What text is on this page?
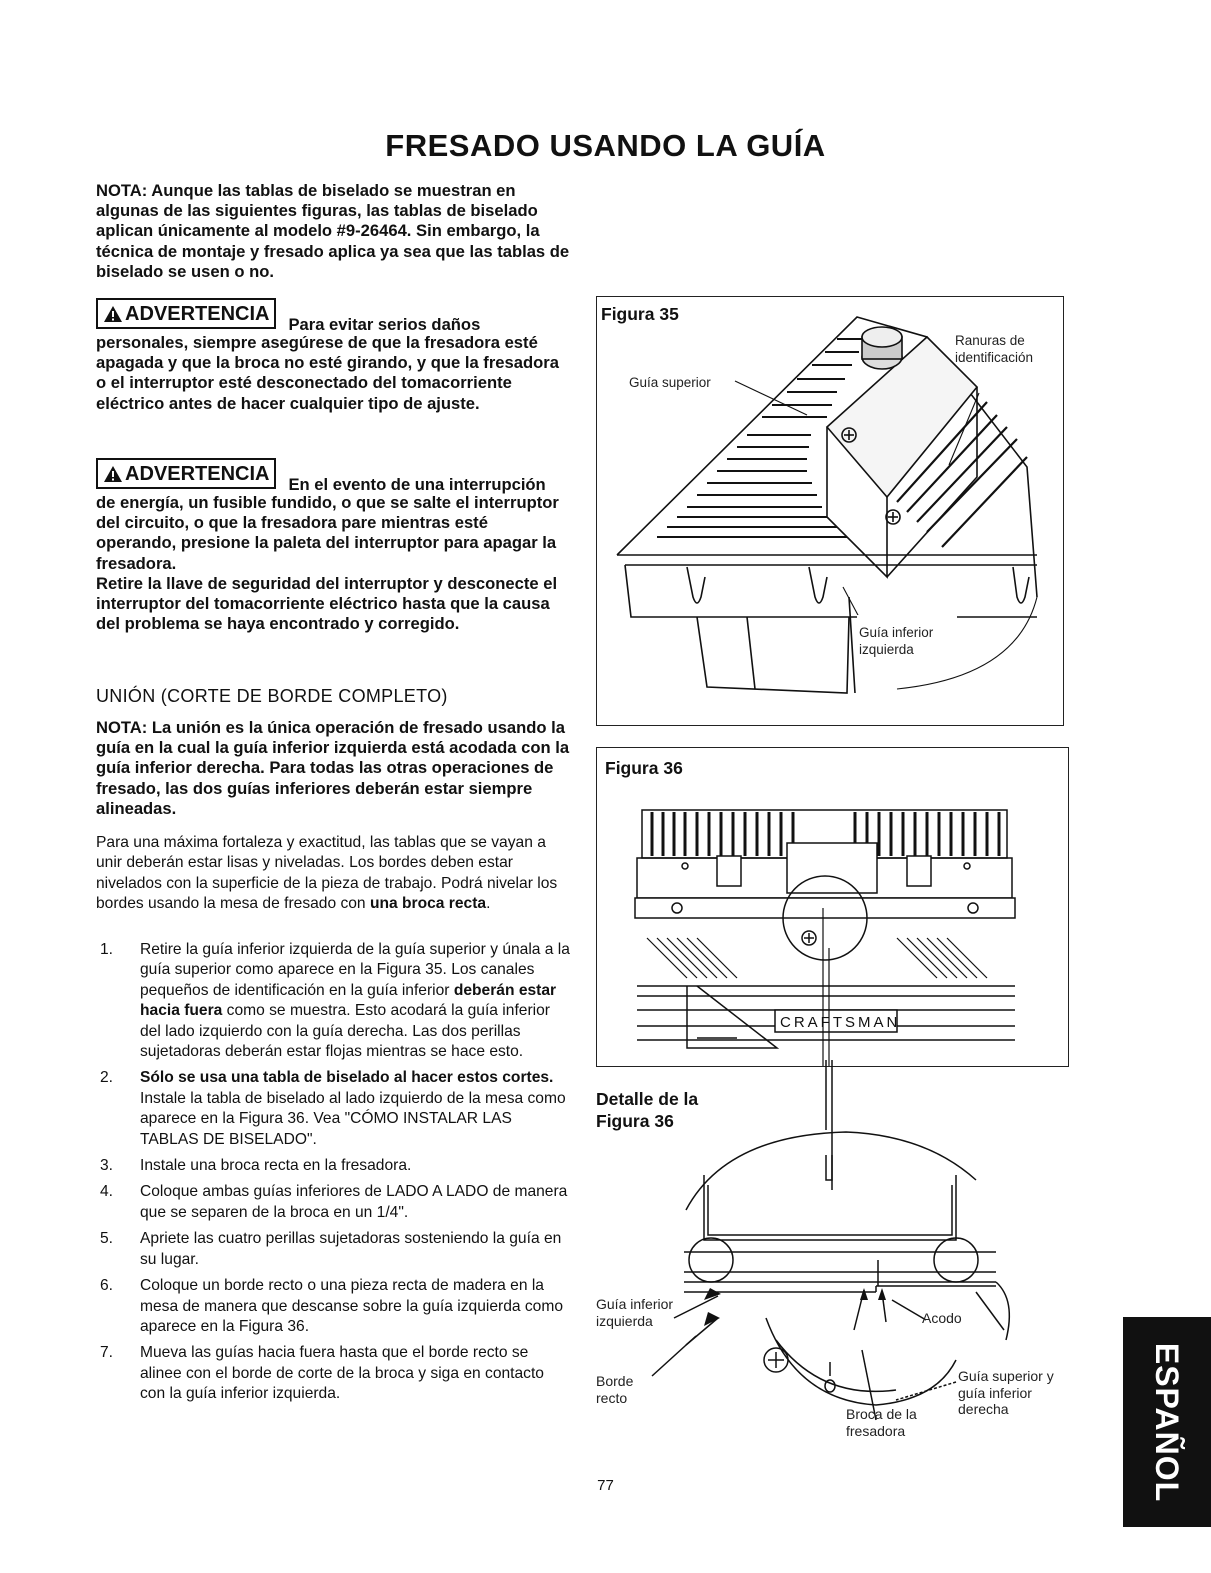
FRESADO USANDO LA GUÍA

NOTA: Aunque las tablas de biselado se muestran en algunas de las siguientes figuras, las tablas de biselado aplican únicamente al modelo #9-26464. Sin embargo, la técnica de montaje y fresado aplica ya sea que las tablas de biselado se usen o no.

ADVERTENCIA Para evitar serios daños

personales, siempre asegúrese de que la fresadora esté apagada y que la broca no esté girando, y que la fresadora o el interruptor esté desconectado del tomacorriente eléctrico antes de hacer cualquier tipo de ajuste.

ADVERTENCIA En el evento de una interrupción

de energía, un fusible fundido, o que se salte el interruptor del circuito, o que la fresadora pare mientras esté operando, presione la paleta del interruptor para apagar la fresadora.

Retire la llave de seguridad del interruptor y desconecte el interruptor del tomacorriente eléctrico hasta que la causa del problema se haya encontrado y corregido.

UNIÓN (CORTE DE BORDE COMPLETO)

NOTA: La unión es la única operación de fresado usando la guía en la cual la guía inferior izquierda está acodada con la guía inferior derecha. Para todas las otras operaciones de fresado, las dos guías inferiores deberán estar siempre alineadas.

Para una máxima fortaleza y exactitud, las tablas que se vayan a unir deberán estar lisas y niveladas. Los bordes deben estar nivelados con la superficie de la pieza de trabajo. Podrá nivelar los bordes usando la mesa de fresado con una broca recta.

1. Retire la guía inferior izquierda de la guía superior y únala a la guía superior como aparece en la Figura 35. Los canales pequeños de identificación en la guía inferior deberán estar hacia fuera como se muestra. Esto acodará la guía inferior del lado izquierdo con la guía derecha. Las dos perillas sujetadoras deberán estar flojas mientras se hace esto.
2. Sólo se usa una tabla de biselado al hacer estos cortes. Instale la tabla de biselado al lado izquierdo de la mesa como aparece en la Figura 36. Vea "CÓMO INSTALAR LAS TABLAS DE BISELADO".
3. Instale una broca recta en la fresadora.
4. Coloque ambas guías inferiores de LADO A LADO de manera que se separen de la broca en un 1/4".
5. Apriete las cuatro perillas sujetadoras sosteniendo la guía en su lugar.
6. Coloque un borde recto o una pieza recta de madera en la mesa de manera que descanse sobre la guía izquierda como aparece en la Figura 36.
7. Mueva las guías hacia fuera hasta que el borde recto se alinee con el borde de corte de la broca y siga en contacto con la guía inferior izquierda.
Figura 35
Guía superior
Ranuras de identificación
Guía inferior izquierda
CRAFTSMAN
Figura 36
Detalle de la Figura 36
Guía inferior izquierda
Borde recto
Acodo
Guía superior y guía inferior derecha
Broca de la fresadora
77	ESPAÑOL
